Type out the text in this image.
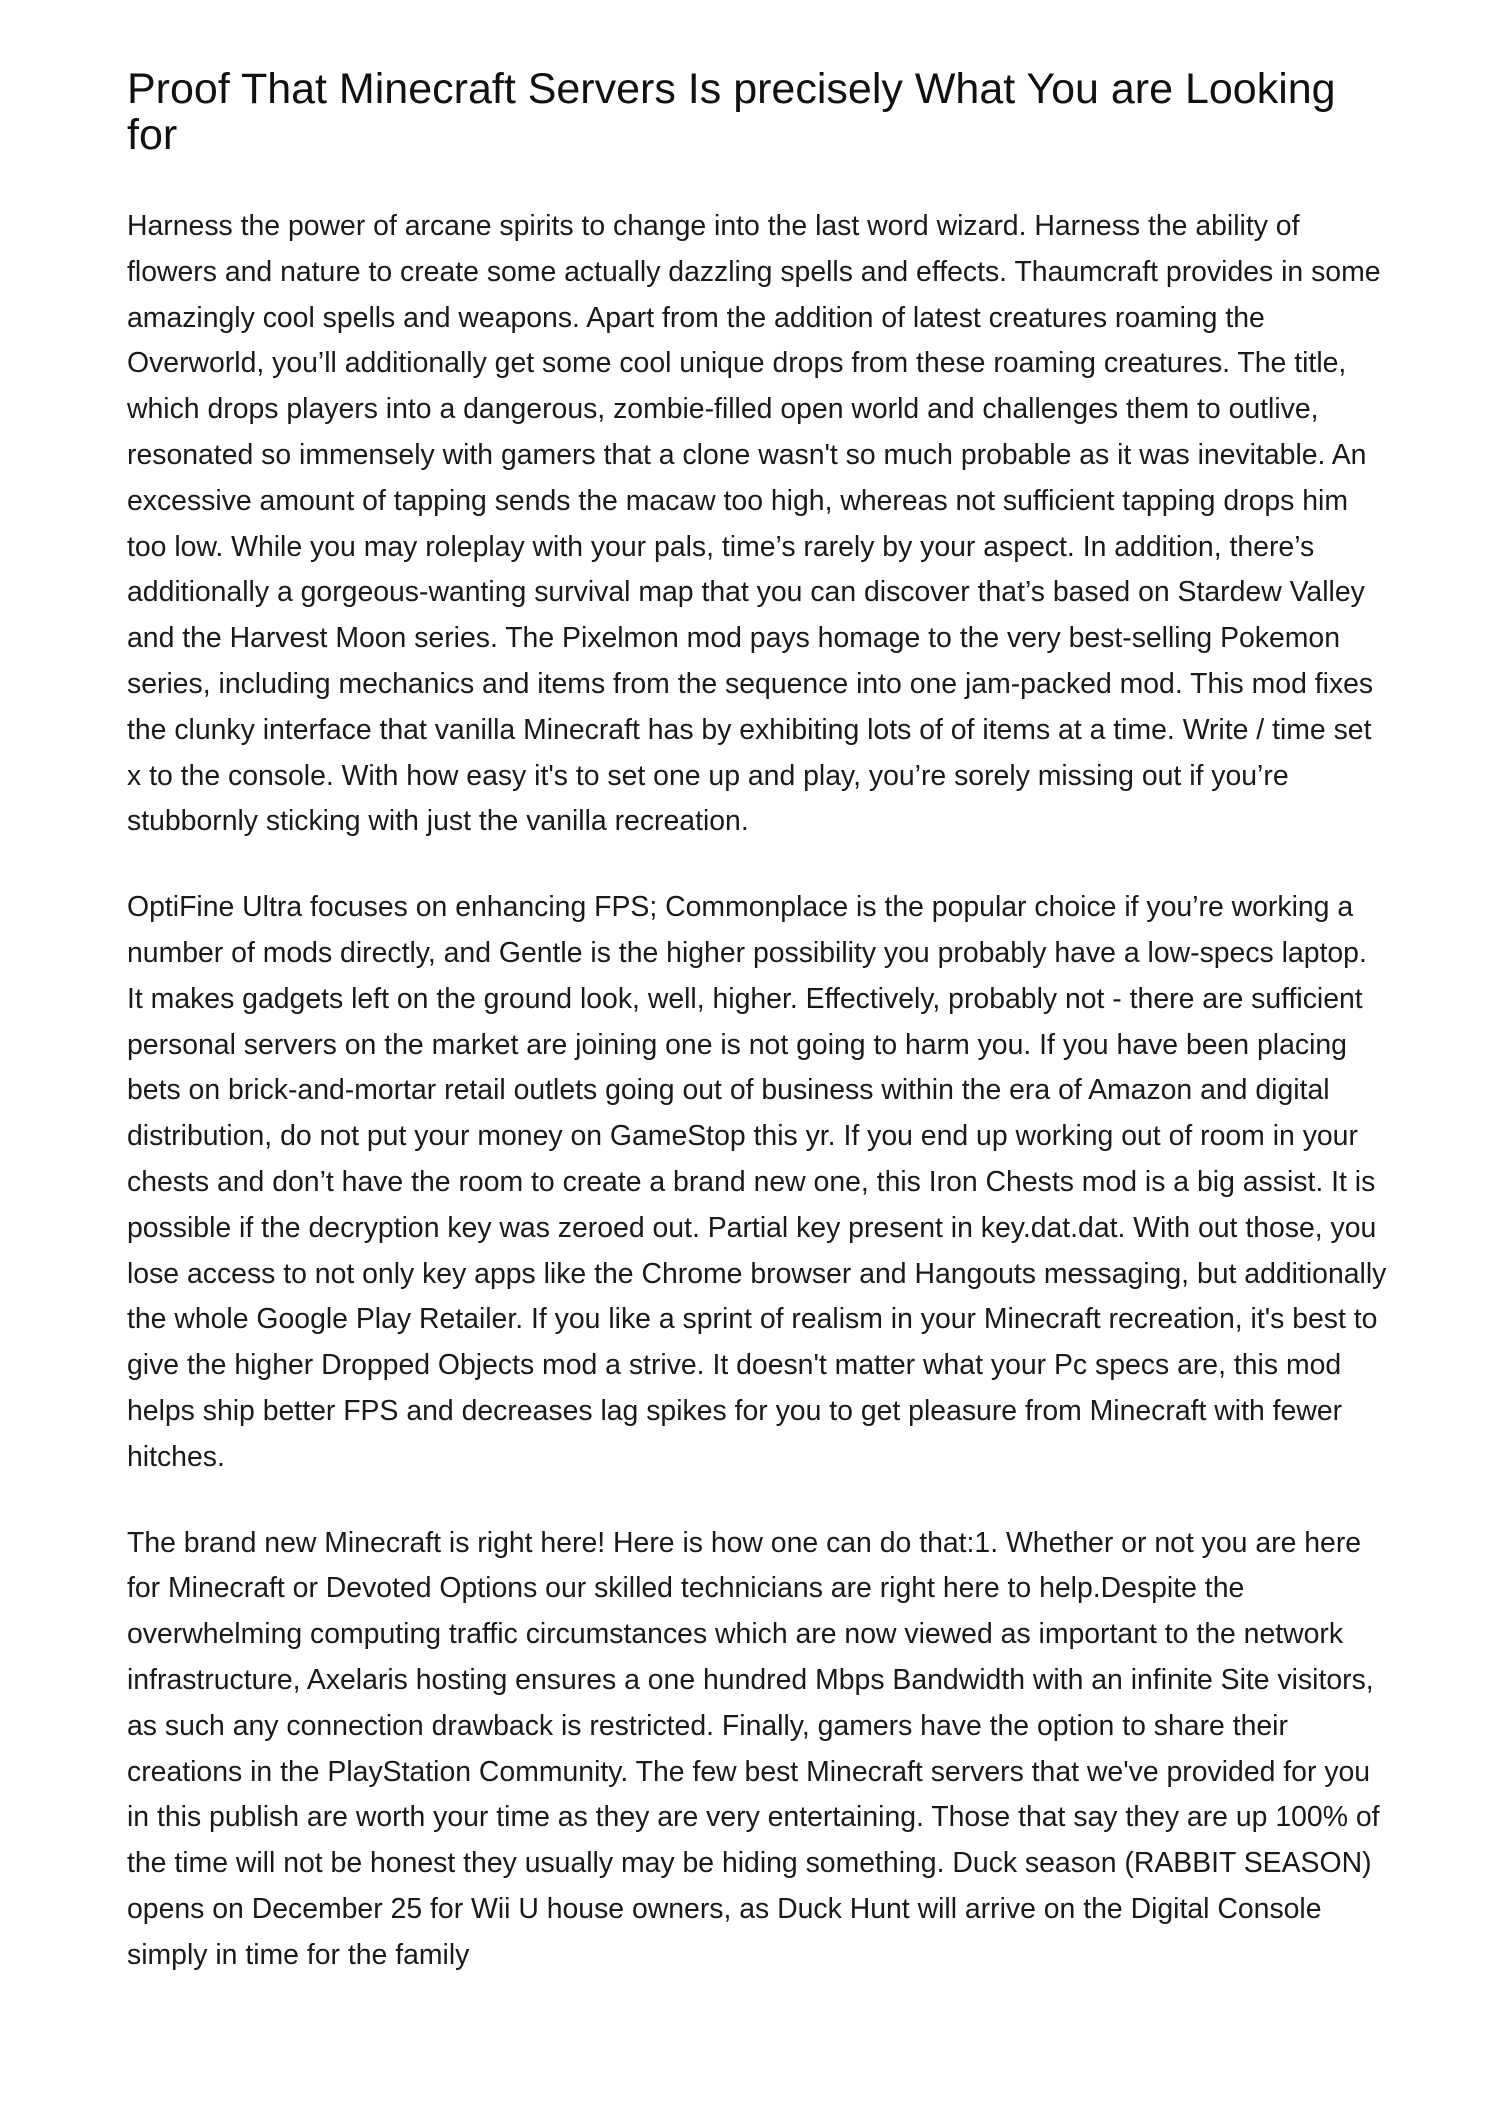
Proof That Minecraft Servers Is precisely What You are Looking for

Harness the power of arcane spirits to change into the last word wizard. Harness the ability of flowers and nature to create some actually dazzling spells and effects. Thaumcraft provides in some amazingly cool spells and weapons. Apart from the addition of latest creatures roaming the Overworld, you’ll additionally get some cool unique drops from these roaming creatures. The title, which drops players into a dangerous, zombie-filled open world and challenges them to outlive, resonated so immensely with gamers that a clone wasn't so much probable as it was inevitable. An excessive amount of tapping sends the macaw too high, whereas not sufficient tapping drops him too low. While you may roleplay with your pals, time’s rarely by your aspect. In addition, there’s additionally a gorgeous-wanting survival map that you can discover that’s based on Stardew Valley and the Harvest Moon series. The Pixelmon mod pays homage to the very best-selling Pokemon series, including mechanics and items from the sequence into one jam-packed mod. This mod fixes the clunky interface that vanilla Minecraft has by exhibiting lots of of items at a time. Write / time set x to the console. With how easy it's to set one up and play, you’re sorely missing out if you’re stubbornly sticking with just the vanilla recreation.

OptiFine Ultra focuses on enhancing FPS; Commonplace is the popular choice if you’re working a number of mods directly, and Gentle is the higher possibility you probably have a low-specs laptop. It makes gadgets left on the ground look, well, higher. Effectively, probably not - there are sufficient personal servers on the market are joining one is not going to harm you. If you have been placing bets on brick-and-mortar retail outlets going out of business within the era of Amazon and digital distribution, do not put your money on GameStop this yr. If you end up working out of room in your chests and don’t have the room to create a brand new one, this Iron Chests mod is a big assist. It is possible if the decryption key was zeroed out. Partial key present in key.dat.dat. With out those, you lose access to not only key apps like the Chrome browser and Hangouts messaging, but additionally the whole Google Play Retailer. If you like a sprint of realism in your Minecraft recreation, it's best to give the higher Dropped Objects mod a strive. It doesn't matter what your Pc specs are, this mod helps ship better FPS and decreases lag spikes for you to get pleasure from Minecraft with fewer hitches.

The brand new Minecraft is right here! Here is how one can do that:1. Whether or not you are here for Minecraft or Devoted Options our skilled technicians are right here to help.Despite the overwhelming computing traffic circumstances which are now viewed as important to the network infrastructure, Axelaris hosting ensures a one hundred Mbps Bandwidth with an infinite Site visitors, as such any connection drawback is restricted. Finally, gamers have the option to share their creations in the PlayStation Community. The few best Minecraft servers that we've provided for you in this publish are worth your time as they are very entertaining. Those that say they are up 100% of the time will not be honest they usually may be hiding something. Duck season (RABBIT SEASON) opens on December 25 for Wii U house owners, as Duck Hunt will arrive on the Digital Console simply in time for the family
